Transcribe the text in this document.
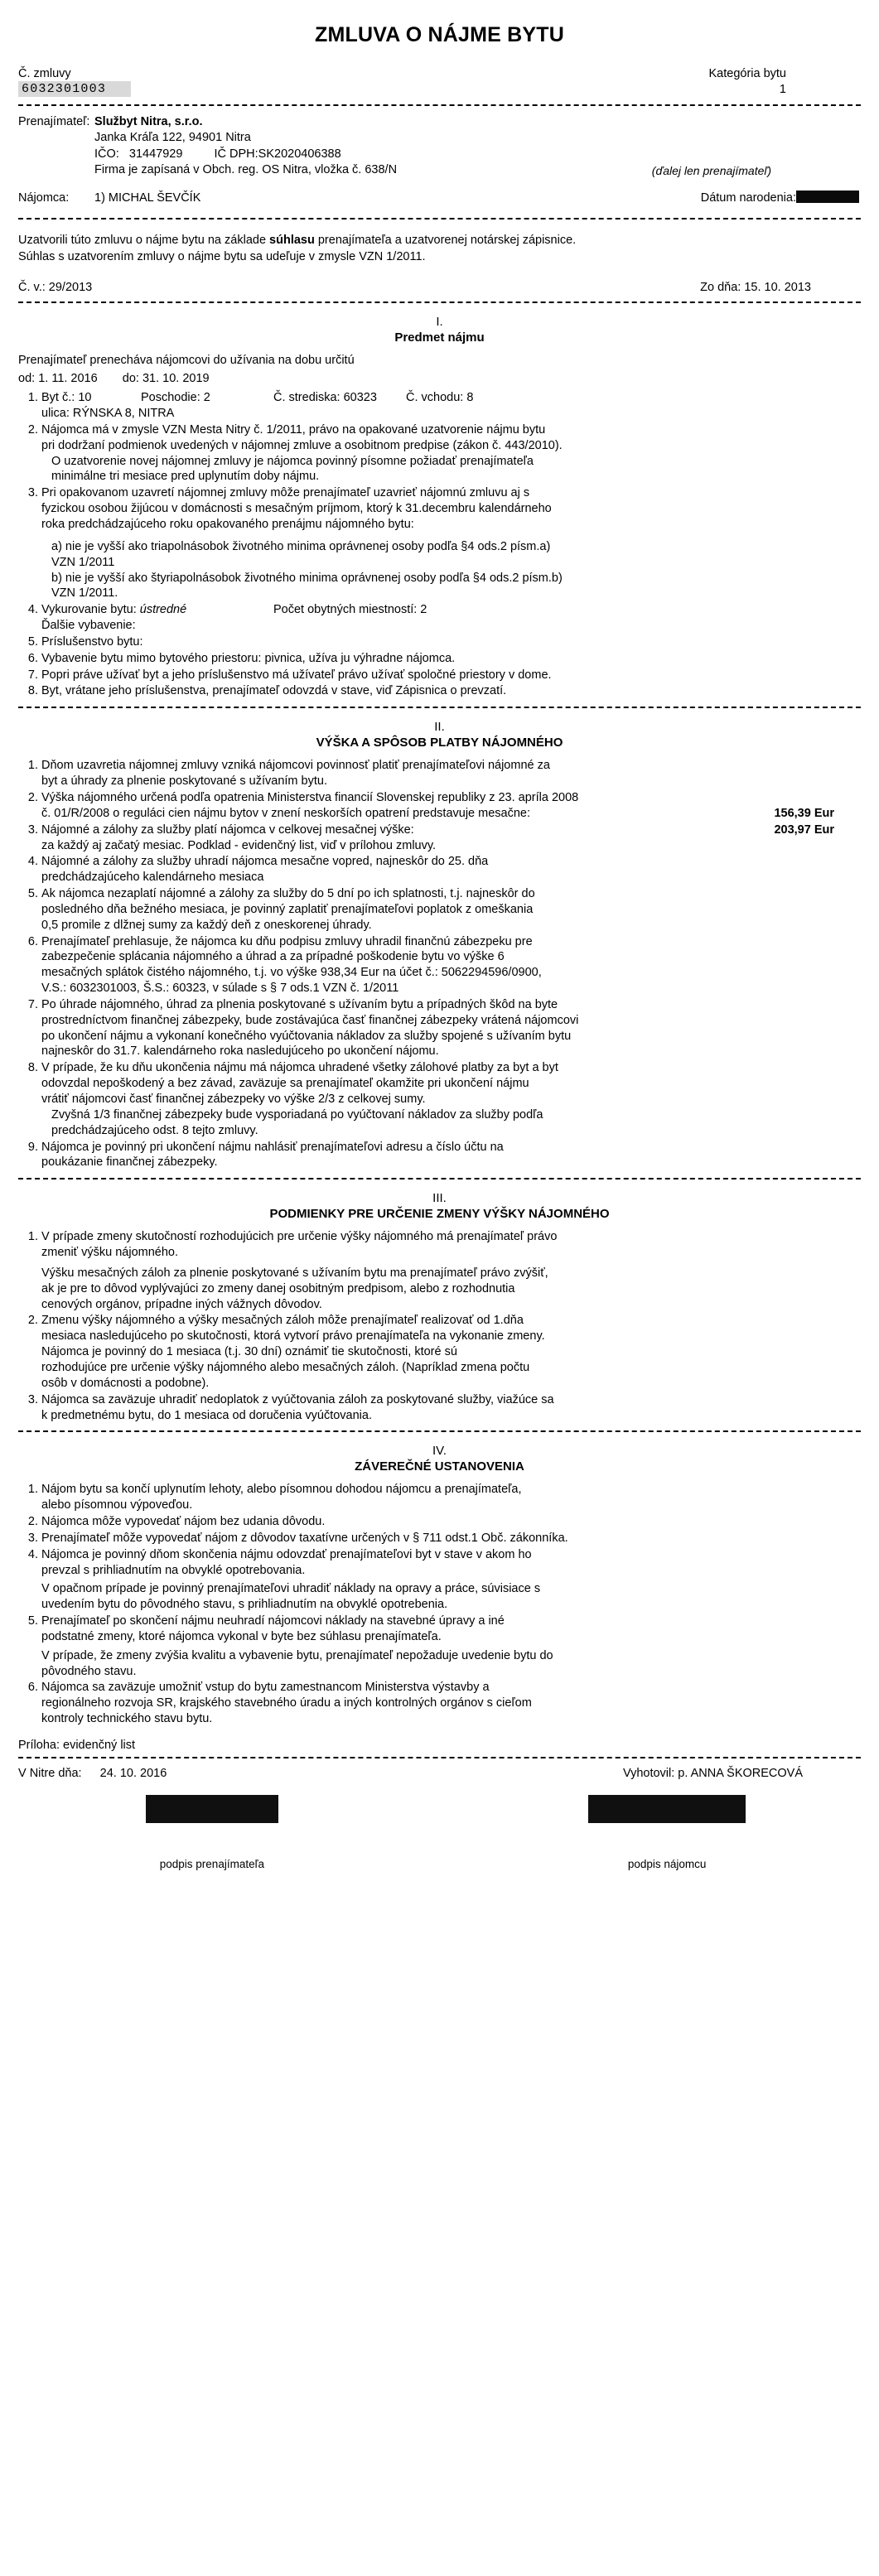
ZMLUVA O NÁJME BYTU
Č. zmluvy
6032301003
Kategória bytu
1
Prenajímateľ: Službyt Nitra, s.r.o.
Janka Kráľa 122, 94901 Nitra
IČO: 31447929	IČ DPH:SK2020406388
Firma je zapísaná v Obch. reg. OS Nitra, vložka č. 638/N	(ďalej len prenajímateľ)
Nájomca:	1) MICHAL ŠEVČÍK	Dátum narodenia:
Uzatvorili túto zmluvu o nájme bytu na základe súhlasu prenajímateľa a uzatvorenej notárskej zápisnice.
Súhlas s uzatvorením zmluvy o nájme bytu sa udeľuje v zmysle VZN 1/2011.
Č. v.: 29/2013	Zo dňa: 15. 10. 2013
I.
Predmet nájmu
Prenajímateľ prenecháva nájomcovi do užívania na dobu určitú
od: 1. 11. 2016 do: 31. 10. 2019
Byt č.: 10	Poschodie: 2	Č. strediska: 60323	Č. vchodu: 8
ulica: RÝNSKA 8, NITRA
Nájomca má v zmysle VZN Mesta Nitry č. 1/2011, právo na opakované uzatvorenie nájmu bytu
pri dodržaní podmienok uvedených v nájomnej zmluve a osobitnom predpise (zákon č. 443/2010).
O uzatvorenie novej nájomnej zmluvy je nájomca povinný písomne požiadať prenajímateľa
minimálne tri mesiace pred uplynutím doby nájmu.
Pri opakovanom uzavretí nájomnej zmluvy môže prenajímateľ uzavrieť nájomnú zmluvu aj s
fyzickou osobou žijúcou v domácnosti s mesačným príjmom, ktorý k 31.decembru kalendárneho
roka predchádzajúceho roku opakovaného prenájmu nájomného bytu:
a) nie je vyšší ako triapolnásobok životného minima oprávnenej osoby podľa §4 ods.2 písm.a)
VZN 1/2011
b) nie je vyšší ako štyriapolnásobok životného minima oprávnenej osoby podľa §4 ods.2 písm.b)
VZN 1/2011.
Vykurovanie bytu: ústredné	Počet obytných miestností: 2
Ďalšie vybavenie:
Príslušenstvo bytu:
Vybavenie bytu mimo bytového priestoru: pivnica, užíva ju výhradne nájomca.
Popri práve užívať byt a jeho príslušenstvo má užívateľ právo užívať spoločné priestory v dome.
Byt, vrátane jeho príslušenstva, prenajímateľ odovzdá v stave, viď Zápisnica o prevzatí.
II.
VÝŠKA A SPÔSOB PLATBY NÁJOMNÉHO
Dňom uzavretia nájomnej zmluvy vzniká nájomcovi povinnosť platiť prenajímateľovi nájomné za
byt a úhrady za plnenie poskytované s užívaním bytu.
Výška nájomného určená podľa opatrenia Ministerstva financií Slovenskej republiky z 23. apríla 2008
č. 01/R/2008 o reguláci cien nájmu bytov v znení neskorších opatrení predstavuje mesačne:	156,39 Eur
Nájomné a zálohy za služby platí nájomca v celkovej mesačnej výške:	203,97 Eur
za každý aj začatý mesiac. Podklad - evidenčný list, viď v prílohou zmluvy.
Nájomné a zálohy za služby uhradí nájomca mesačne vopred, najneskôr do 25. dňa
predchádzajúceho kalendárneho mesiaca
Ak nájomca nezaplatí nájomné a zálohy za služby do 5 dní po ich splatnosti, t.j. najneskôr do
posledného dňa bežného mesiaca, je povinný zaplatiť prenajímateľovi poplatok z omeškania
0,5 promile z dlžnej sumy za každý deň z oneskorenej úhrady.
Prenajímateľ prehlasuje, že nájomca ku dňu podpisu zmluvy uhradil finančnú zábezpeku pre
zabezpečenie splácania nájomného a úhrad a za prípadné poškodenie bytu vo výške 6
mesačných splátok čistého nájomného, t.j. vo výške 938,34 Eur na účet č.: 5062294596/0900,
V.S.: 6032301003, Š.S.: 60323, v súlade s § 7 ods.1 VZN č. 1/2011
Po úhrade nájomného, úhrad za plnenia poskytované s užívaním bytu a prípadných škôd na byte
prostredníctvom finančnej zábezpeky, bude zostávajúca časť finančnej zábezpeky vrátená nájomcovi
po ukončení nájmu a vykonaní konečného vyúčtovania nákladov za služby spojené s užívaním bytu
najneskôr do 31.7. kalendárneho roka nasledujúceho po ukončení nájomu.
V prípade, že ku dňu ukončenia nájmu má nájomca uhradené všetky zálohové platby za byt a byt
odovzdal nepoškodený a bez závad, zaväzuje sa prenajímateľ okamžite pri ukončení nájmu
vrátiť nájomcovi časť finančnej zábezpeky vo výške 2/3 z celkovej sumy.
Zvyšná 1/3 finančnej zábezpeky bude vysporiadaná po vyúčtovaní nákladov za služby podľa
predchádzajúceho odst. 8 tejto zmluvy.
Nájomca je povinný pri ukončení nájmu nahlásiť prenajímateľovi adresu a číslo účtu na
poukázanie finančnej zábezpeky.
III.
PODMIENKY PRE URČENIE ZMENY VÝŠKY NÁJOMNÉHO
V prípade zmeny skutočností rozhodujúcich pre určenie výšky nájomného má prenajímateľ právo
zmeniť výšku nájomného.
Výšku mesačných záloh za plnenie poskytované s užívaním bytu ma prenajímateľ právo zvýšiť,
ak je pre to dôvod vyplývajúci zo zmeny danej osobitným predpisom, alebo z rozhodnutia
cenových orgánov, prípadne iných vážnych dôvodov.
Zmenu výšky nájomného a výšky mesačných záloh môže prenajímateľ realizovať od 1.dňa
mesiaca nasledujúceho po skutočnosti, ktorá vytvorí právo prenajímateľa na vykonanie zmeny.
Nájomca je povinný do 1 mesiaca (t.j. 30 dní) oznámiť tie skutočnosti, ktoré sú
rozhodujúce pre určenie výšky nájomného alebo mesačných záloh. (Napríklad zmena počtu
osôb v domácnosti a podobne).
Nájomca sa zaväzuje uhradiť nedoplatok z vyúčtovania záloh za poskytované služby, viažúce sa
k predmetnému bytu, do 1 mesiaca od doručenia vyúčtovania.
IV.
ZÁVEREČNÉ USTANOVENIA
Nájom bytu sa končí uplynutím lehoty, alebo písomnou dohodou nájomcu a prenajímateľa,
alebo písomnou výpoveďou.
Nájomca môže vypovedať nájom bez udania dôvodu.
Prenajímateľ môže vypovedať nájom z dôvodov taxatívne určených v § 711 odst.1 Obč. zákonníka.
Nájomca je povinný dňom skončenia nájmu odovzdať prenajímateľovi byt v stave v akom ho
prevzal s prihliadnutím na obvyklé opotrebovania.
V opačnom prípade je povinný prenajímateľovi uhradiť náklady na opravy a práce, súvisiace s
uvedením bytu do pôvodného stavu, s prihliadnutím na obvyklé opotrebenia.
Prenajímateľ po skončení nájmu neuhradí nájomcovi náklady na stavebné úpravy a iné
podstatné zmeny, ktoré nájomca vykonal v byte bez súhlasu prenajímateľa.
V prípade, že zmeny zvýšia kvalitu a vybavenie bytu, prenajímateľ nepožaduje uvedenie bytu do
pôvodného stavu.
Nájomca sa zaväzuje umožniť vstup do bytu zamestnancom Ministerstva výstavby a
regionálneho rozvoja SR, krajského stavebného úradu a iných kontrolných orgánov s cieľom
kontroly technického stavu bytu.
Príloha: evidenčný list
V Nitre dňa: 24. 10. 2016	Vyhotovil: p. ANNA ŠKORECOVÁ
podpis prenajímateľa	podpis nájomcu
